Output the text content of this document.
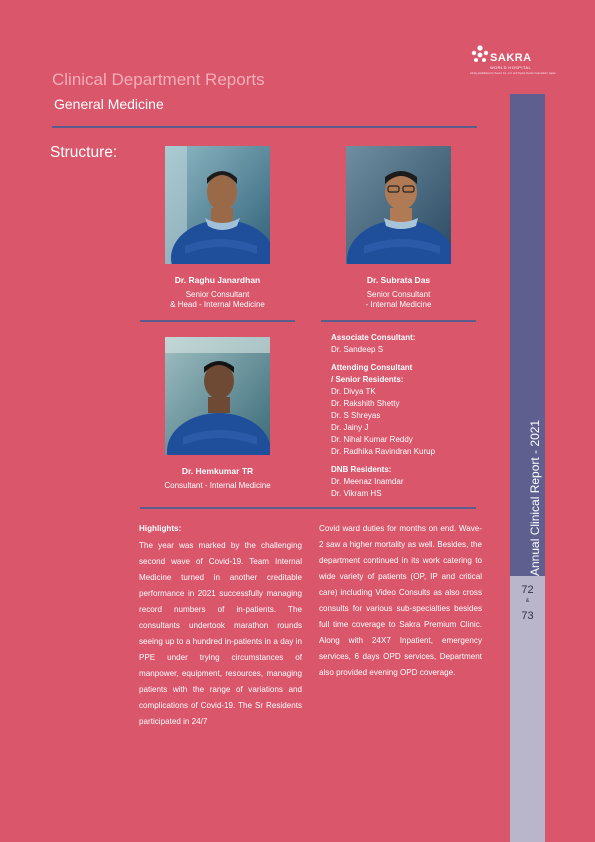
SAKRA
WORLD HOSPITAL
Jointly established by Secom Co., Ltd. and Toyota Tsusho Corporation, Japan
Clinical Department Reports
General Medicine
Structure:
Dr. Raghu Janardhan
Senior Consultant
& Head - Internal Medicine
Dr. Subrata Das
Senior Consultant
- Internal Medicine
Dr. Hemkumar TR
Consultant - Internal Medicine
Associate Consultant:
Dr. Sandeep S
Attending Consultant
/ Senior Residents:
Dr. Divya TK
Dr. Rakshith Shetty
Dr. S Shreyas
Dr. Jainy J
Dr. Nihal Kumar Reddy
Dr. Radhika Ravindran Kurup
DNB Residents:
Dr. Meenaz Inamdar
Dr. Vikram HS
Highlights:
The year was marked by the challenging second wave of Covid-19. Team Internal Medicine turned in another creditable performance in 2021 successfully managing record numbers of in-patients. The consultants undertook marathon rounds seeing up to a hundred in-patients in a day in PPE under trying circumstances of manpower, equipment, resources, managing patients with the range of variations and complications of Covid-19. The Sr Residents participated in 24/7
Covid ward duties for months on end. Wave-2 saw a higher mortality as well. Besides, the department continued in its work catering to wide variety of patients (OP, IP and critical care) including Video Consults as also cross consults for various sub-specialties besides full time coverage to Sakra Premium Clinic. Along with 24X7 Inpatient, emergency services, 6 days OPD services, Department also provided evening OPD coverage.
Annual Clinical Report - 2021
72
&
73
